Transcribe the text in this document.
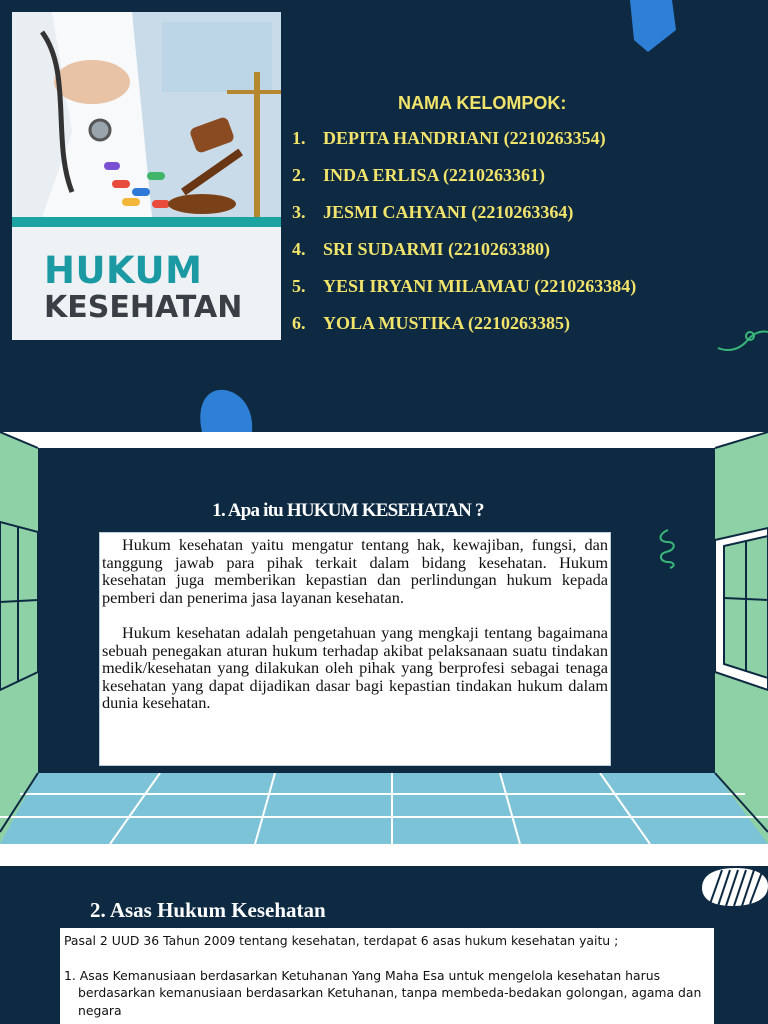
HUKUM
KESEHATAN
NAMA KELOMPOK:
1. DEPITA HANDRIANI (2210263354)
2. INDA ERLISA (2210263361)
3. JESMI CAHYANI (2210263364)
4. SRI SUDARMI (2210263380)
5. YESI IRYANI MILAMAU (2210263384)
6. YOLA MUSTIKA (2210263385)
1. Apa itu HUKUM KESEHATAN ?

Hukum kesehatan yaitu mengatur tentang hak, kewajiban, fungsi, dan tanggung jawab para pihak terkait dalam bidang kesehatan. Hukum kesehatan juga memberikan kepastian dan perlindungan hukum kepada pemberi dan penerima jasa layanan kesehatan.

Hukum kesehatan adalah pengetahuan yang mengkaji tentang bagaimana sebuah penegakan aturan hukum terhadap akibat pelaksanaan suatu tindakan medik/kesehatan yang dilakukan oleh pihak yang berprofesi sebagai tenaga kesehatan yang dapat dijadikan dasar bagi kepastian tindakan hukum dalam dunia kesehatan.

2. Asas Hukum Kesehatan
Pasal 2 UUD 36 Tahun 2009 tentang kesehatan, terdapat 6 asas hukum kesehatan yaitu ;
1. Asas Kemanusiaan berdasarkan Ketuhanan Yang Maha Esa untuk mengelola kesehatan harus berdasarkan kemanusiaan berdasarkan Ketuhanan, tanpa membeda-bedakan golongan, agama dan negara
